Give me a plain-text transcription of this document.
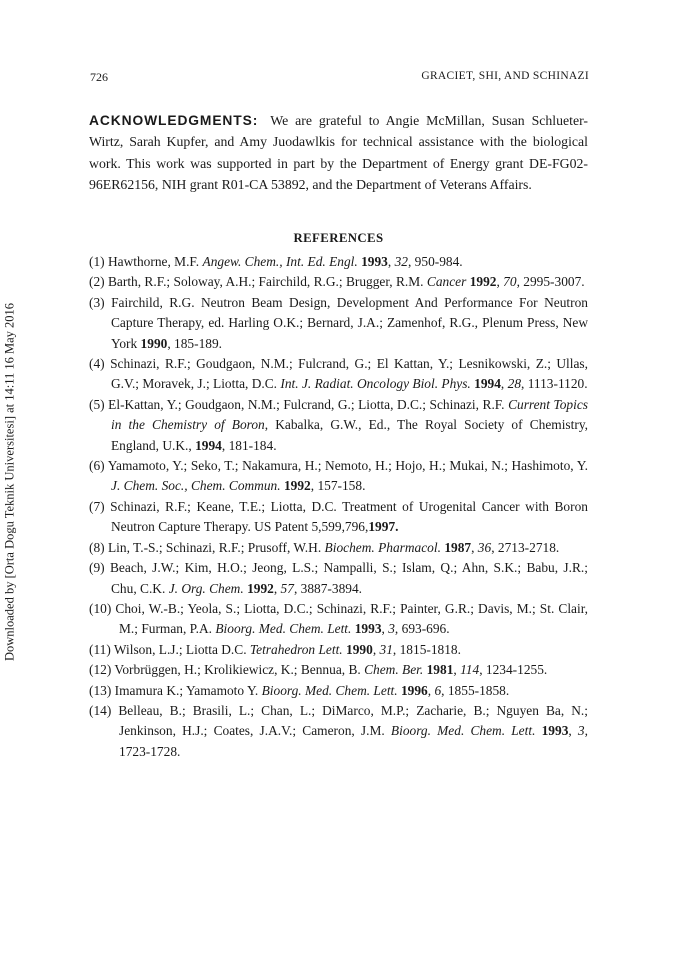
726	GRACIET, SHI, AND SCHINAZI
Downloaded by [Orta Dogu Teknik Universitesi] at 14:11 16 May 2016
ACKNOWLEDGMENTS: We are grateful to Angie McMillan, Susan Schlueter-Wirtz, Sarah Kupfer, and Amy Juodawlkis for technical assistance with the biological work. This work was supported in part by the Department of Energy grant DE-FG02-96ER62156, NIH grant R01-CA 53892, and the Department of Veterans Affairs.
REFERENCES
(1) Hawthorne, M.F. Angew. Chem., Int. Ed. Engl. 1993, 32, 950-984.
(2) Barth, R.F.; Soloway, A.H.; Fairchild, R.G.; Brugger, R.M. Cancer 1992, 70, 2995-3007.
(3) Fairchild, R.G. Neutron Beam Design, Development And Performance For Neutron Capture Therapy, ed. Harling O.K.; Bernard, J.A.; Zamenhof, R.G., Plenum Press, New York 1990, 185-189.
(4) Schinazi, R.F.; Goudgaon, N.M.; Fulcrand, G.; El Kattan, Y.; Lesnikowski, Z.; Ullas, G.V.; Moravek, J.; Liotta, D.C. Int. J. Radiat. Oncology Biol. Phys. 1994, 28, 1113-1120.
(5) El-Kattan, Y.; Goudgaon, N.M.; Fulcrand, G.; Liotta, D.C.; Schinazi, R.F. Current Topics in the Chemistry of Boron, Kabalka, G.W., Ed., The Royal Society of Chemistry, England, U.K., 1994, 181-184.
(6) Yamamoto, Y.; Seko, T.; Nakamura, H.; Nemoto, H.; Hojo, H.; Mukai, N.; Hashimoto, Y. J. Chem. Soc., Chem. Commun. 1992, 157-158.
(7) Schinazi, R.F.; Keane, T.E.; Liotta, D.C. Treatment of Urogenital Cancer with Boron Neutron Capture Therapy. US Patent 5,599,796,1997.
(8) Lin, T.-S.; Schinazi, R.F.; Prusoff, W.H. Biochem. Pharmacol. 1987, 36, 2713-2718.
(9) Beach, J.W.; Kim, H.O.; Jeong, L.S.; Nampalli, S.; Islam, Q.; Ahn, S.K.; Babu, J.R.; Chu, C.K. J. Org. Chem. 1992, 57, 3887-3894.
(10) Choi, W.-B.; Yeola, S.; Liotta, D.C.; Schinazi, R.F.; Painter, G.R.; Davis, M.; St. Clair, M.; Furman, P.A. Bioorg. Med. Chem. Lett. 1993, 3, 693-696.
(11) Wilson, L.J.; Liotta D.C. Tetrahedron Lett. 1990, 31, 1815-1818.
(12) Vorbrüggen, H.; Krolikiewicz, K.; Bennua, B. Chem. Ber. 1981, 114, 1234-1255.
(13) Imamura K.; Yamamoto Y. Bioorg. Med. Chem. Lett. 1996, 6, 1855-1858.
(14) Belleau, B.; Brasili, L.; Chan, L.; DiMarco, M.P.; Zacharie, B.; Nguyen Ba, N.; Jenkinson, H.J.; Coates, J.A.V.; Cameron, J.M. Bioorg. Med. Chem. Lett. 1993, 3, 1723-1728.
